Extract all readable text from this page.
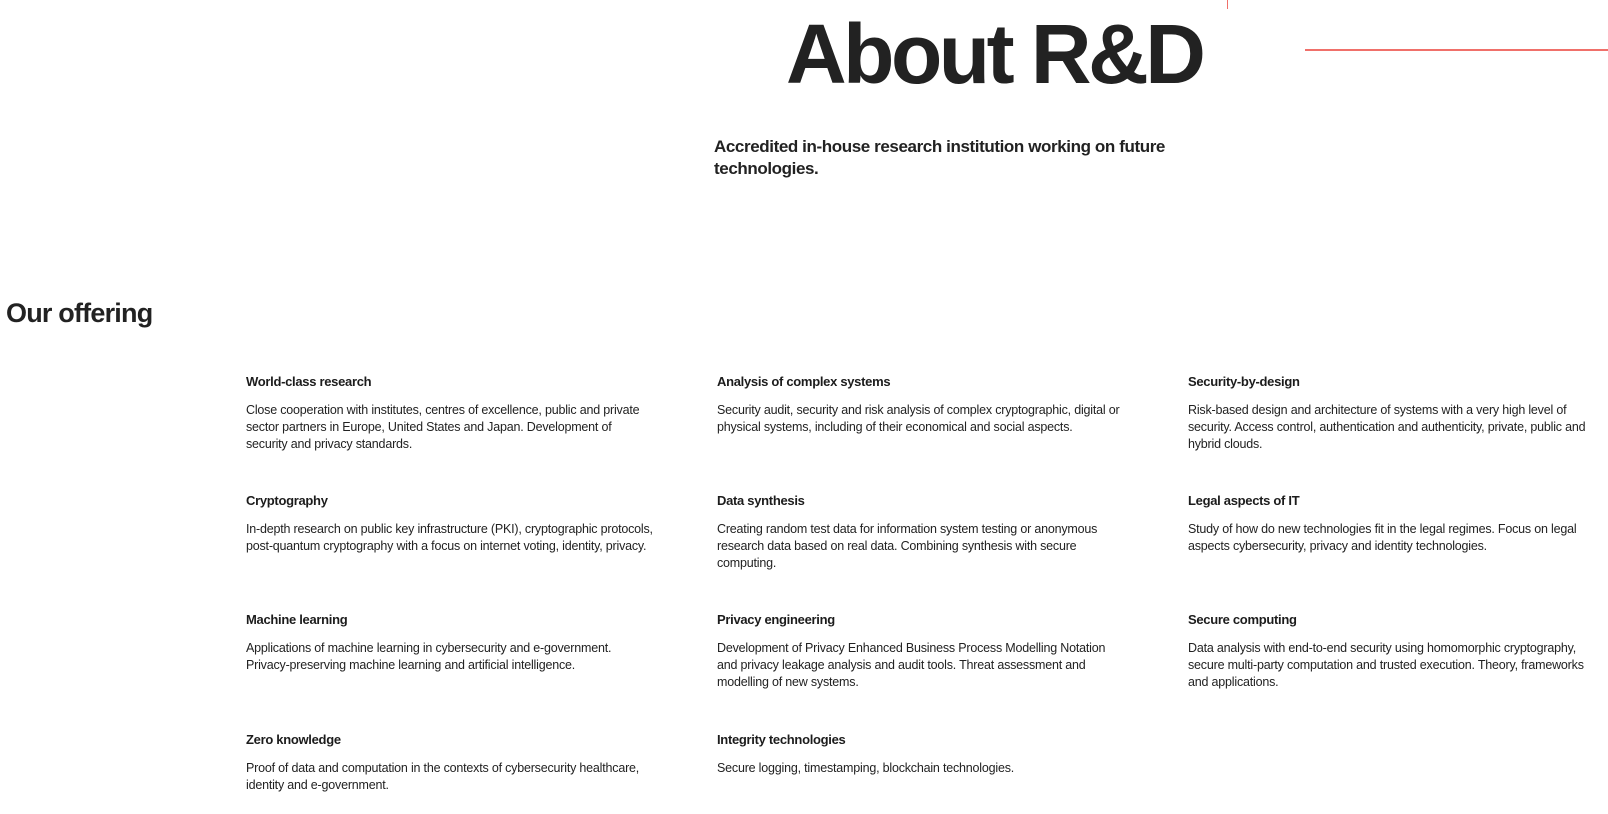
About R&D

Accredited in-house research institution working on future technologies.

Our offering
World-class research

Close cooperation with institutes, centres of excellence, public and private sector partners in Europe, United States and Japan. Development of security and privacy standards.

Analysis of complex systems

Security audit, security and risk analysis of complex cryptographic, digital or physical systems, including of their economical and social aspects.

Security-by-design

Risk-based design and architecture of systems with a very high level of security. Access control, authentication and authenticity, private, public and hybrid clouds.

Cryptography

In-depth research on public key infrastructure (PKI), cryptographic protocols, post-quantum cryptography with a focus on internet voting, identity, privacy.

Data synthesis

Creating random test data for information system testing or anonymous research data based on real data. Combining synthesis with secure computing.

Legal aspects of IT

Study of how do new technologies fit in the legal regimes. Focus on legal aspects cybersecurity, privacy and identity technologies.

Machine learning

Applications of machine learning in cybersecurity and e-government. Privacy-preserving machine learning and artificial intelligence.

Privacy engineering

Development of Privacy Enhanced Business Process Modelling Notation and privacy leakage analysis and audit tools. Threat assessment and modelling of new systems.

Secure computing

Data analysis with end-to-end security using homomorphic cryptography, secure multi-party computation and trusted execution. Theory, frameworks and applications.

Zero knowledge

Proof of data and computation in the contexts of cybersecurity healthcare, identity and e-government.

Integrity technologies

Secure logging, timestamping, blockchain technologies.
